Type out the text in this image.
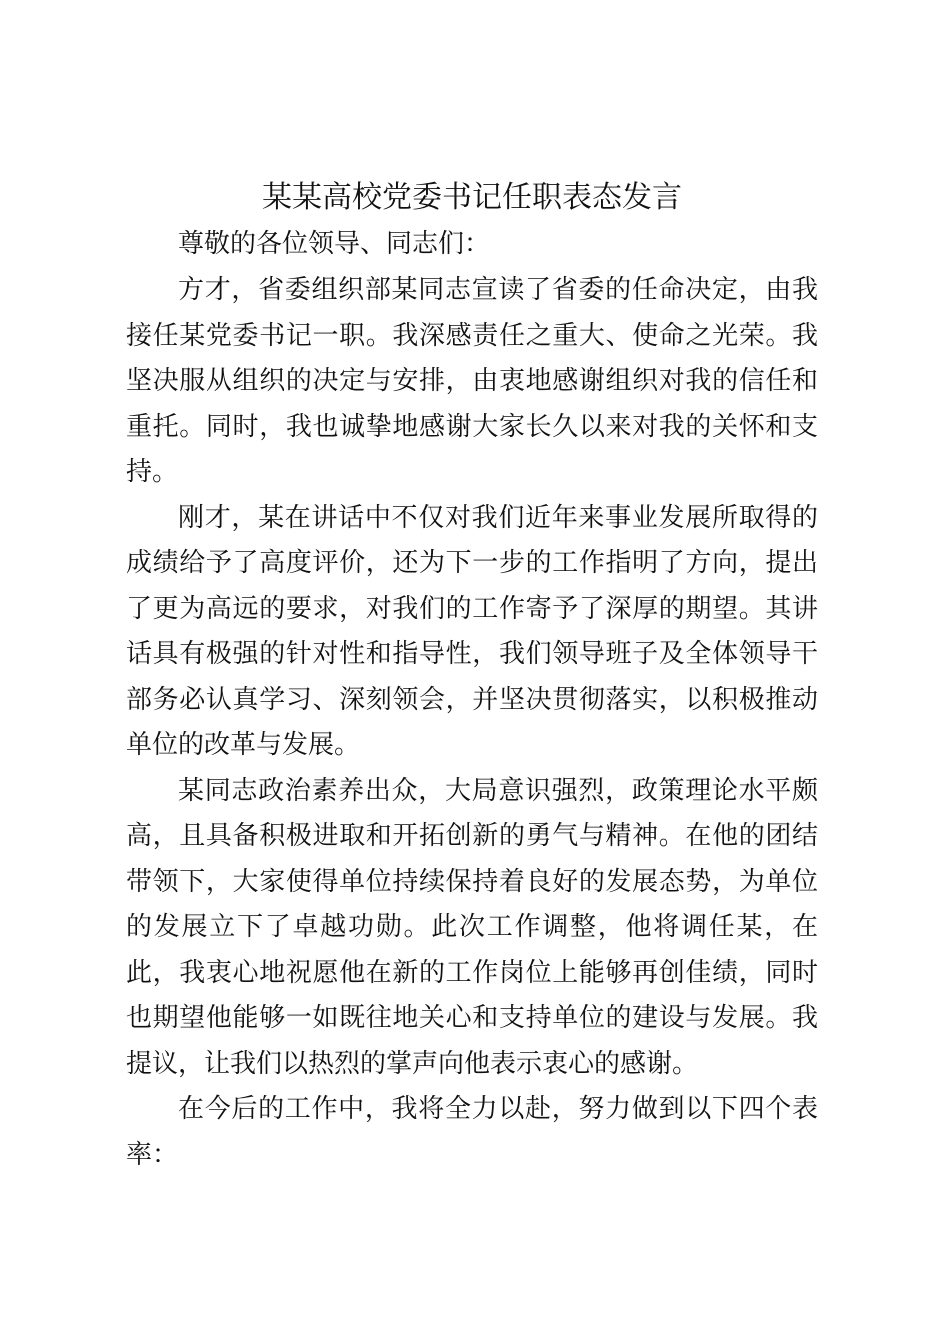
某某高校党委书记任职表态发言

尊敬的各位领导、同志们：

方才，省委组织部某同志宣读了省委的任命决定，由我接任某党委书记一职。我深感责任之重大、使命之光荣。我坚决服从组织的决定与安排，由衷地感谢组织对我的信任和重托。同时，我也诚挚地感谢大家长久以来对我的关怀和支持。

刚才，某在讲话中不仅对我们近年来事业发展所取得的成绩给予了高度评价，还为下一步的工作指明了方向，提出了更为高远的要求，对我们的工作寄予了深厚的期望。其讲话具有极强的针对性和指导性，我们领导班子及全体领导干部务必认真学习、深刻领会，并坚决贯彻落实，以积极推动单位的改革与发展。

某同志政治素养出众，大局意识强烈，政策理论水平颇高，且具备积极进取和开拓创新的勇气与精神。在他的团结带领下，大家使得单位持续保持着良好的发展态势，为单位的发展立下了卓越功勋。此次工作调整，他将调任某，在此，我衷心地祝愿他在新的工作岗位上能够再创佳绩，同时也期望他能够一如既往地关心和支持单位的建设与发展。我提议，让我们以热烈的掌声向他表示衷心的感谢。

在今后的工作中，我将全力以赴，努力做到以下四个表率：
